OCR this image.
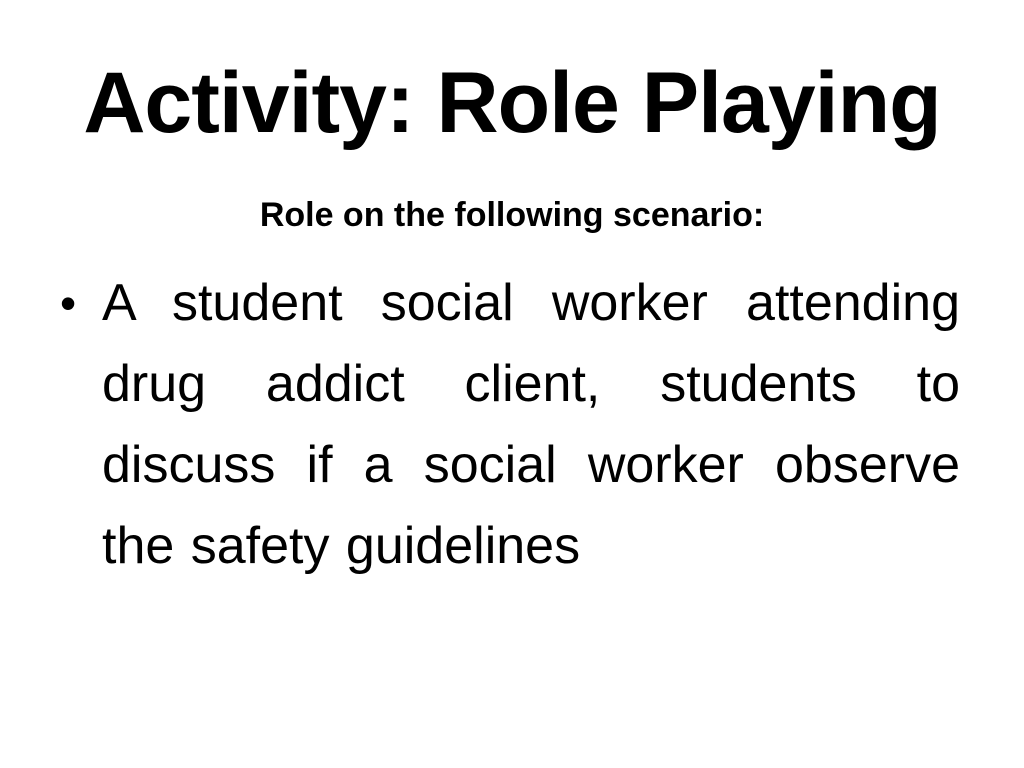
Activity: Role Playing
Role on the following scenario:
• A student social worker attending drug addict client, students to discuss if a social worker observe the safety guidelines
